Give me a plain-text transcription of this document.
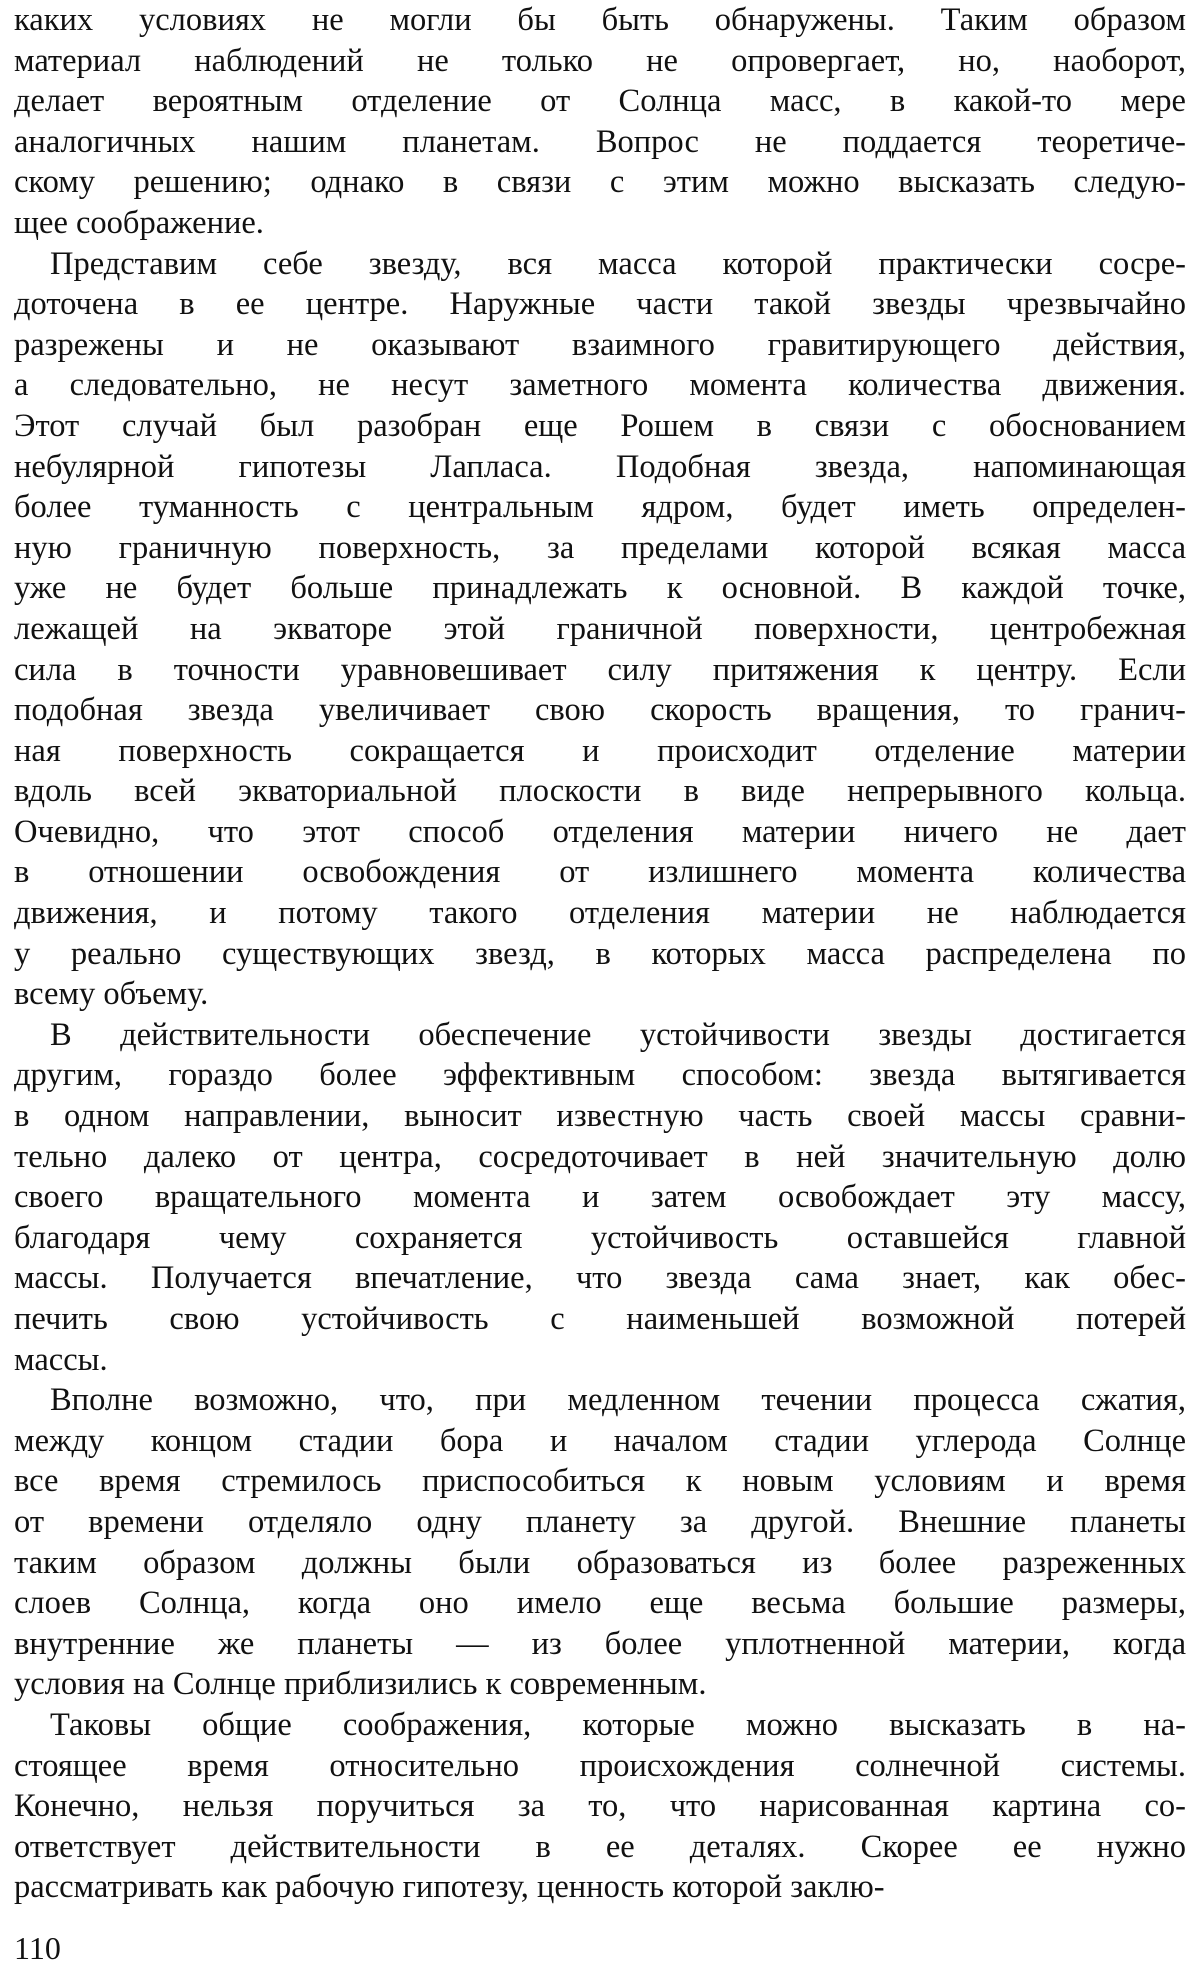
каких условиях не могли бы быть обнаружены. Таким образом
материал наблюдений не только не опровергает, но, наоборот,
делает вероятным отделение от Солнца масс, в какой-то мере
аналогичных нашим планетам. Вопрос не поддается теоретиче-
скому решению; однако в связи с этим можно высказать следую-
щее соображение.
Представим себе звезду, вся масса которой практически сосре-
доточена в ее центре. Наружные части такой звезды чрезвычайно
разрежены и не оказывают взаимного гравитирующего действия,
а следовательно, не несут заметного момента количества движения.
Этот случай был разобран еще Рошем в связи с обоснованием
небулярной гипотезы Лапласа. Подобная звезда, напоминающая
более туманность с центральным ядром, будет иметь определен-
ную граничную поверхность, за пределами которой всякая масса
уже не будет больше принадлежать к основной. В каждой точке,
лежащей на экваторе этой граничной поверхности, центробежная
сила в точности уравновешивает силу притяжения к центру. Если
подобная звезда увеличивает свою скорость вращения, то гранич-
ная поверхность сокращается и происходит отделение материи
вдоль всей экваториальной плоскости в виде непрерывного кольца.
Очевидно, что этот способ отделения материи ничего не дает
в отношении освобождения от излишнего момента количества
движения, и потому такого отделения материи не наблюдается
у реально существующих звезд, в которых масса распределена по
всему объему.
В действительности обеспечение устойчивости звезды достигается
другим, гораздо более эффективным способом: звезда вытягивается
в одном направлении, выносит известную часть своей массы сравни-
тельно далеко от центра, сосредоточивает в ней значительную долю
своего вращательного момента и затем освобождает эту массу,
благодаря чему сохраняется устойчивость оставшейся главной
массы. Получается впечатление, что звезда сама знает, как обес-
печить свою устойчивость с наименьшей возможной потерей
массы.
Вполне возможно, что, при медленном течении процесса сжатия,
между концом стадии бора и началом стадии углерода Солнце
все время стремилось приспособиться к новым условиям и время
от времени отделяло одну планету за другой. Внешние планеты
таким образом должны были образоваться из более разреженных
слоев Солнца, когда оно имело еще весьма большие размеры,
внутренние же планеты — из более уплотненной материи, когда
условия на Солнце приблизились к современным.
Таковы общие соображения, которые можно высказать в на-
стоящее время относительно происхождения солнечной системы.
Конечно, нельзя поручиться за то, что нарисованная картина со-
ответствует действительности в ее деталях. Скорее ее нужно
рассматривать как рабочую гипотезу, ценность которой заклю-
110
